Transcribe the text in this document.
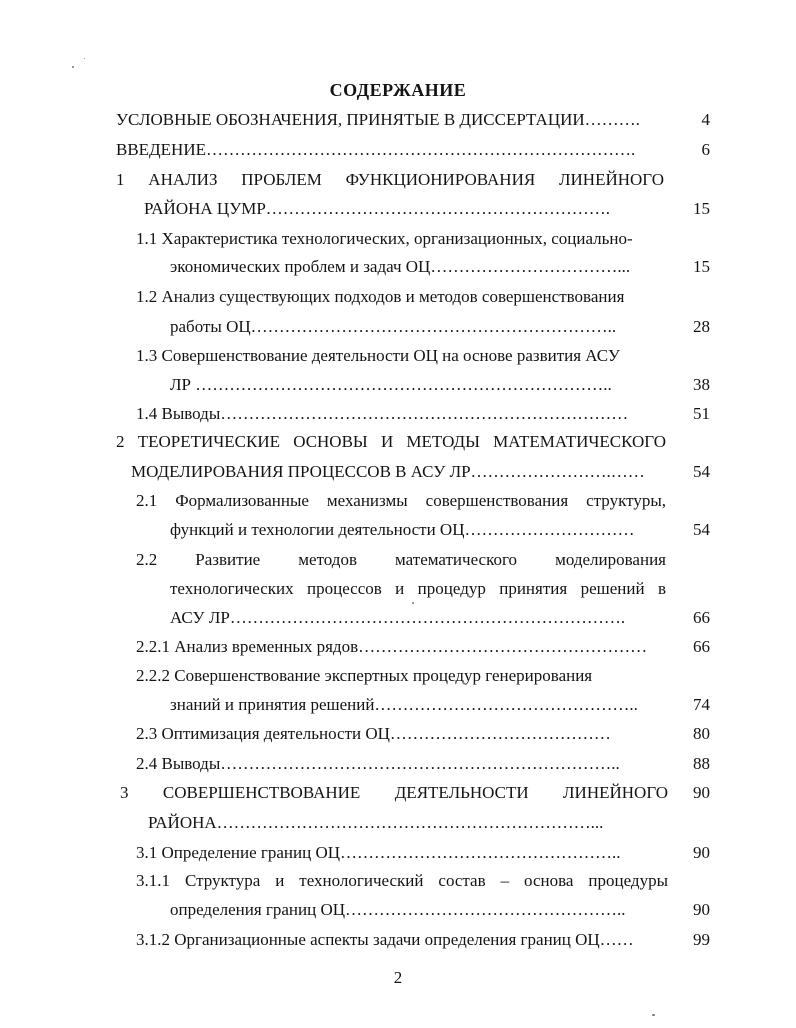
СОДЕРЖАНИЕ
УСЛОВНЫЕ ОБОЗНАЧЕНИЯ, ПРИНЯТЫЕ В ДИССЕРТАЦИИ……….	4
ВВЕДЕНИЕ………………………………………………………………….	6
1 АНАЛИЗ ПРОБЛЕМ ФУНКЦИОНИРОВАНИЯ ЛИНЕЙНОГО
РАЙОНА ЦУМР…………………………………………………….	15
1.1 Характеристика технологических, организационных, социально-
экономических проблем и задач ОЦ……………………………...	15
1.2 Анализ существующих подходов и методов совершенствования
работы ОЦ………………………………………………………..	28
1.3 Совершенствование деятельности ОЦ на основе развития АСУ
ЛР ………………………………………………………………..	38
1.4 Выводы………………………………………………………………	51
2 ТЕОРЕТИЧЕСКИЕ ОСНОВЫ И МЕТОДЫ МАТЕМАТИЧЕСКОГО
МОДЕЛИРОВАНИЯ ПРОЦЕССОВ В АСУ ЛР…………………….……	54
2.1 Формализованные механизмы совершенствования структуры,
функций и технологии деятельности ОЦ…………………………	54
2.2 Развитие методов математического моделирования
технологических процессов и процедур принятия решений в
АСУ ЛР…………………………………………………………….	66
2.2.1 Анализ временных рядов……………………………………………	66
2.2.2 Совершенствование экспертных процедур генерирования
знаний и принятия решений………………………………………..	74
2.3 Оптимизация деятельности ОЦ…………………………………	80
2.4 Выводы……………………………………………………………..	88
3 СОВЕРШЕНСТВОВАНИЕ ДЕЯТЕЛЬНОСТИ ЛИНЕЙНОГО	90
РАЙОНА…………………………………………………………...
3.1 Определение границ ОЦ…………………………………………..	90
3.1.1 Структура и технологический состав – основа процедуры
определения границ ОЦ…………………………………………..	90
3.1.2 Организационные аспекты задачи определения границ ОЦ……	99
2
